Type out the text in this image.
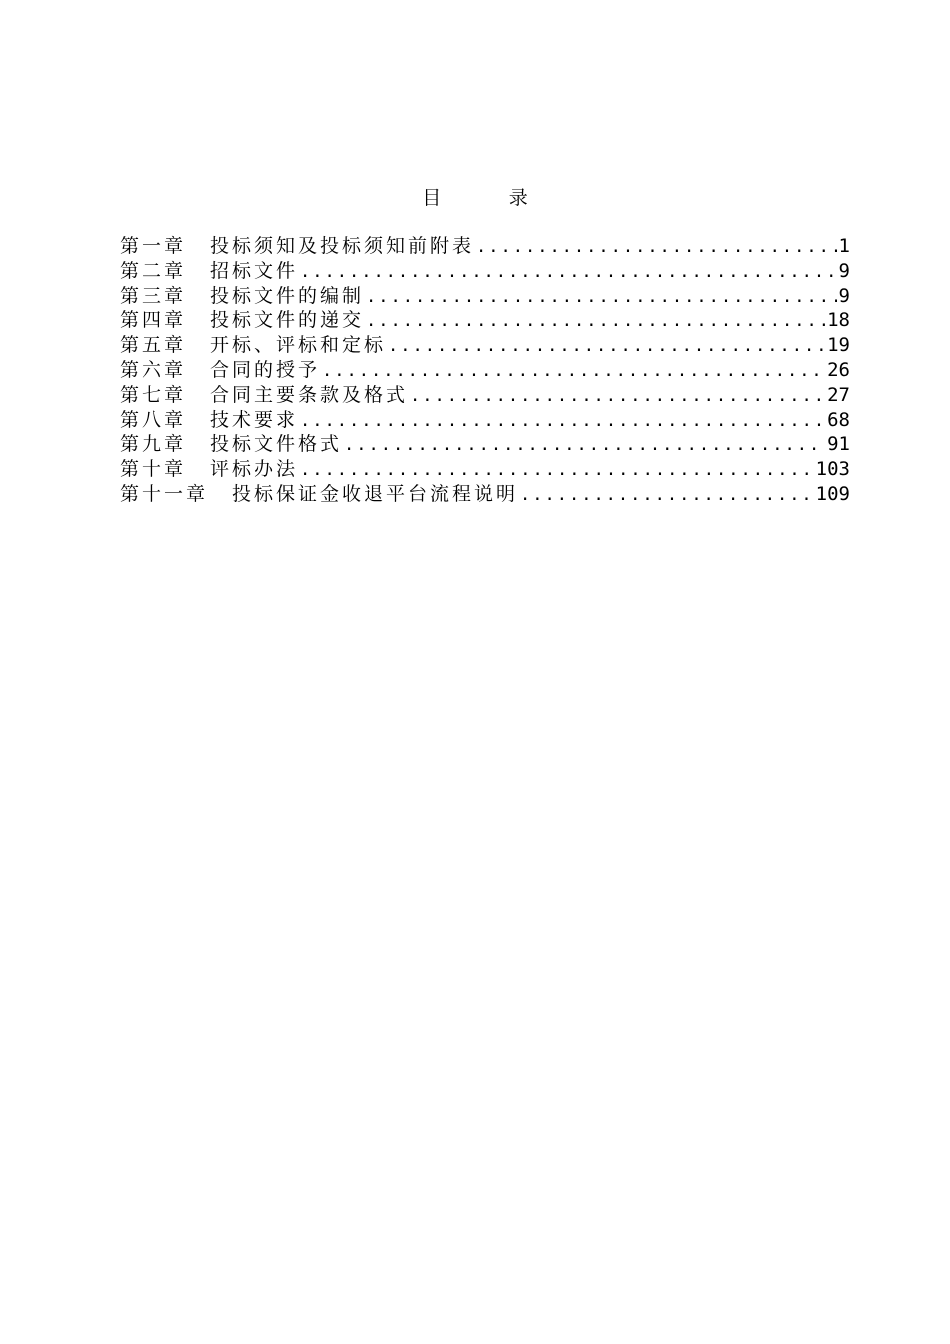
目 录
第一章 投标须知及投标须知前附表 .....	1
第二章 招标文件 .....	9
第三章 投标文件的编制 .....	9
第四章 投标文件的递交 .....	18
第五章 开标、评标和定标 .....	19
第六章 合同的授予 .....	26
第七章 合同主要条款及格式 .....	27
第八章 技术要求 .....	68
第九章 投标文件格式 .....	91
第十章 评标办法 .....	103
第十一章 投标保证金收退平台流程说明 .....	109
